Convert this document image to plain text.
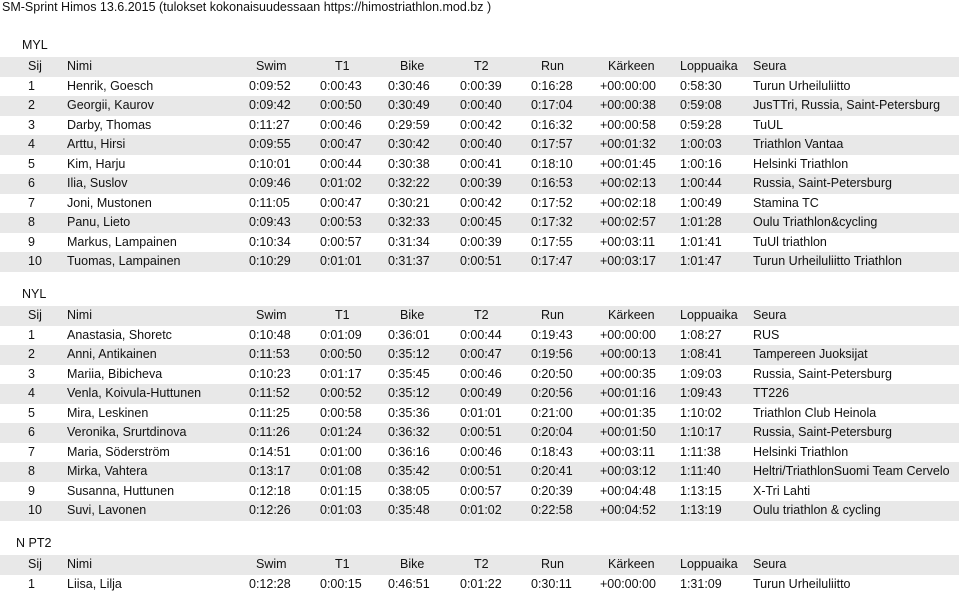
SM-Sprint Himos 13.6.2015 (tulokset kokonaisuudessaan https://himostriathlon.mod.bz )
MYL
Sij	Nimi	Swim	T1	Bike	T2	Run	Kärkeen	Loppuaika	Seura
1	Henrik, Goesch	0:09:52	0:00:43	0:30:46	0:00:39	0:16:28	+00:00:00	0:58:30	Turun Urheiluliitto
2	Georgii, Kaurov	0:09:42	0:00:50	0:30:49	0:00:40	0:17:04	+00:00:38	0:59:08	JusTTri, Russia, Saint-Petersburg
3	Darby, Thomas	0:11:27	0:00:46	0:29:59	0:00:42	0:16:32	+00:00:58	0:59:28	TuUL
4	Arttu, Hirsi	0:09:55	0:00:47	0:30:42	0:00:40	0:17:57	+00:01:32	1:00:03	Triathlon Vantaa
5	Kim, Harju	0:10:01	0:00:44	0:30:38	0:00:41	0:18:10	+00:01:45	1:00:16	Helsinki Triathlon
6	Ilia, Suslov	0:09:46	0:01:02	0:32:22	0:00:39	0:16:53	+00:02:13	1:00:44	Russia, Saint-Petersburg
7	Joni, Mustonen	0:11:05	0:00:47	0:30:21	0:00:42	0:17:52	+00:02:18	1:00:49	Stamina TC
8	Panu, Lieto	0:09:43	0:00:53	0:32:33	0:00:45	0:17:32	+00:02:57	1:01:28	Oulu Triathlon&cycling
9	Markus, Lampainen	0:10:34	0:00:57	0:31:34	0:00:39	0:17:55	+00:03:11	1:01:41	TuUl triathlon
10	Tuomas, Lampainen	0:10:29	0:01:01	0:31:37	0:00:51	0:17:47	+00:03:17	1:01:47	Turun Urheiluliitto Triathlon
NYL
Sij	Nimi	Swim	T1	Bike	T2	Run	Kärkeen	Loppuaika	Seura
1	Anastasia, Shoretc	0:10:48	0:01:09	0:36:01	0:00:44	0:19:43	+00:00:00	1:08:27	RUS
2	Anni, Antikainen	0:11:53	0:00:50	0:35:12	0:00:47	0:19:56	+00:00:13	1:08:41	Tampereen Juoksijat
3	Mariia, Bibicheva	0:10:23	0:01:17	0:35:45	0:00:46	0:20:50	+00:00:35	1:09:03	Russia, Saint-Petersburg
4	Venla, Koivula-Huttunen	0:11:52	0:00:52	0:35:12	0:00:49	0:20:56	+00:01:16	1:09:43	TT226
5	Mira, Leskinen	0:11:25	0:00:58	0:35:36	0:01:01	0:21:00	+00:01:35	1:10:02	Triathlon Club Heinola
6	Veronika, Srurtdinova	0:11:26	0:01:24	0:36:32	0:00:51	0:20:04	+00:01:50	1:10:17	Russia, Saint-Petersburg
7	Maria, Söderström	0:14:51	0:01:00	0:36:16	0:00:46	0:18:43	+00:03:11	1:11:38	Helsinki Triathlon
8	Mirka, Vahtera	0:13:17	0:01:08	0:35:42	0:00:51	0:20:41	+00:03:12	1:11:40	Heltri/TriathlonSuomi Team Cervelo
9	Susanna, Huttunen	0:12:18	0:01:15	0:38:05	0:00:57	0:20:39	+00:04:48	1:13:15	X-Tri Lahti
10	Suvi, Lavonen	0:12:26	0:01:03	0:35:48	0:01:02	0:22:58	+00:04:52	1:13:19	Oulu triathlon & cycling
N PT2
Sij	Nimi	Swim	T1	Bike	T2	Run	Kärkeen	Loppuaika	Seura
1	Liisa, Lilja	0:12:28	0:00:15	0:46:51	0:01:22	0:30:11	+00:00:00	1:31:09	Turun Urheiluliitto
